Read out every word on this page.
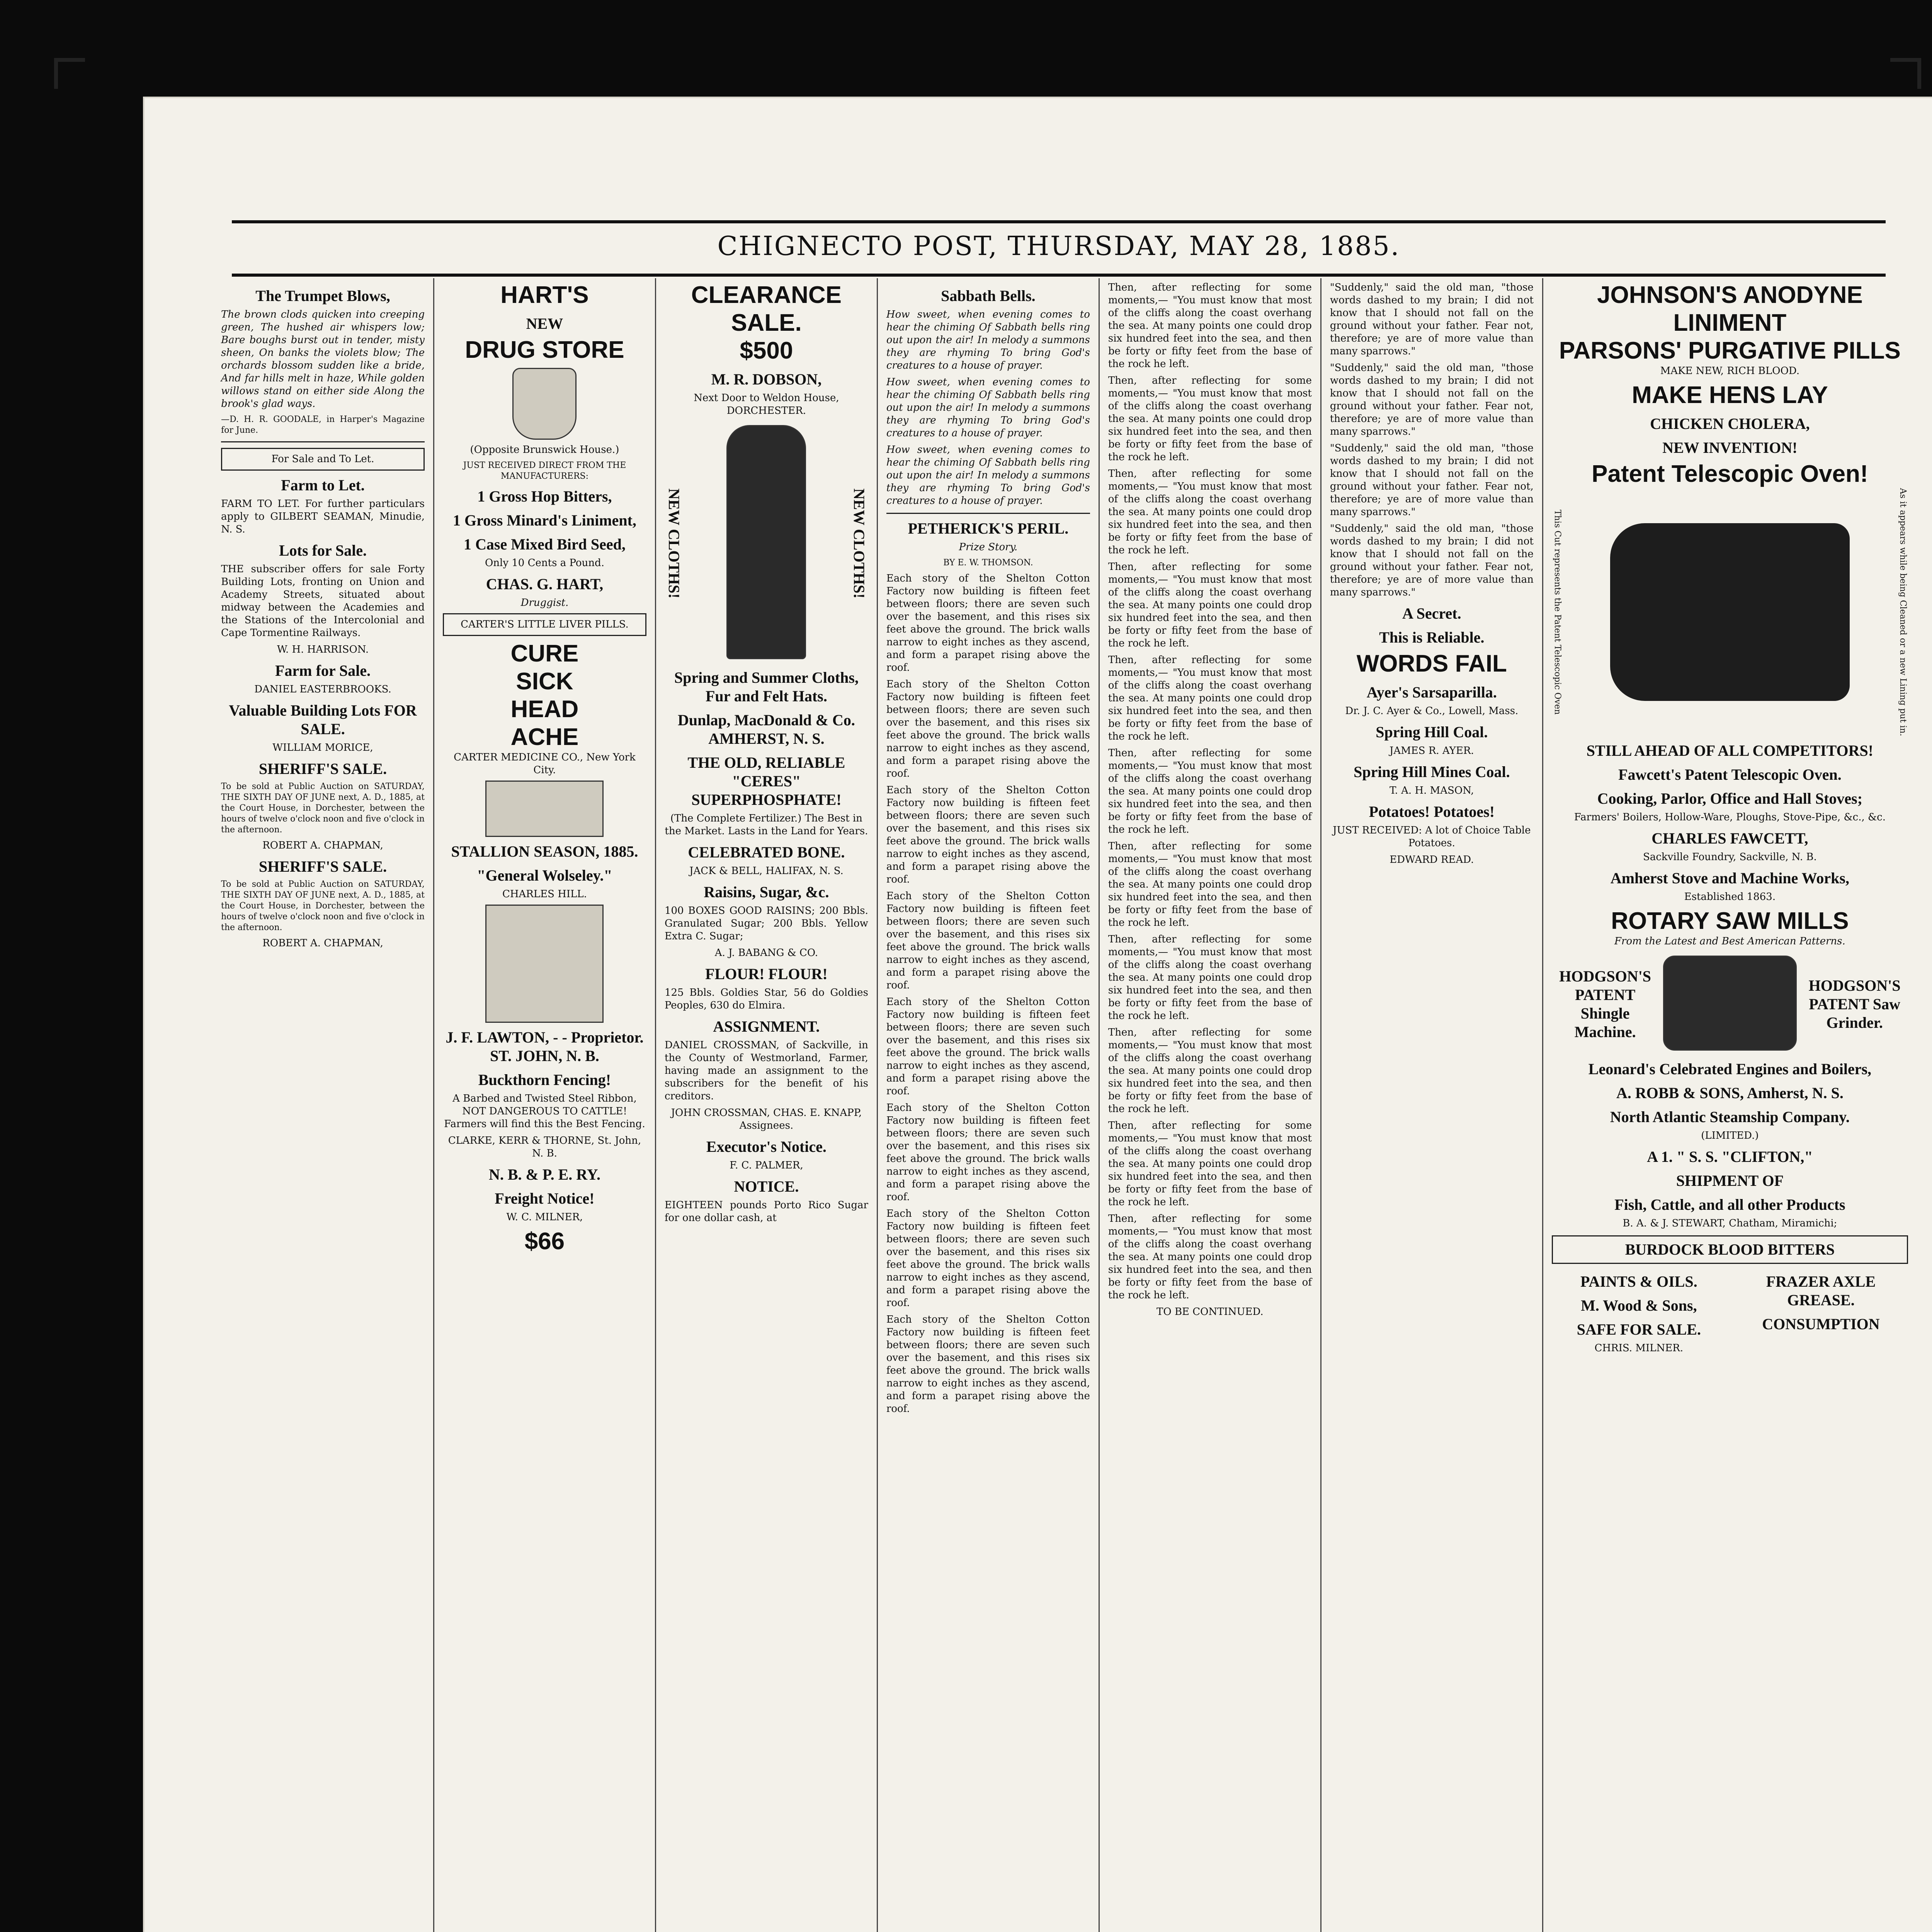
CHIGNECTO POST, THURSDAY, MAY 28, 1885.
The Trumpet Blows,

The brown clods quicken into creeping green, The hushed air whispers low; Bare boughs burst out in tender, misty sheen, On banks the violets blow; The orchards blossom sudden like a bride, And far hills melt in haze, While golden willows stand on either side Along the brook's glad ways.

—D. H. R. GOODALE, in Harper's Magazine for June.

For Sale and To Let.
Farm to Let.

FARM TO LET. For further particulars apply to GILBERT SEAMAN, Minudie, N. S.

Lots for Sale.

THE subscriber offers for sale Forty Building Lots, fronting on Union and Academy Streets, situated about midway between the Academies and the Stations of the Intercolonial and Cape Tormentine Railways.

W. H. HARRISON.

Farm for Sale.

DANIEL EASTERBROOKS.

Valuable Building Lots FOR SALE.

WILLIAM MORICE,

SHERIFF'S SALE.

To be sold at Public Auction on SATURDAY, THE SIXTH DAY OF JUNE next, A. D., 1885, at the Court House, in Dorchester, between the hours of twelve o'clock noon and five o'clock in the afternoon.

ROBERT A. CHAPMAN,

SHERIFF'S SALE.

To be sold at Public Auction on SATURDAY, THE SIXTH DAY OF JUNE next, A. D., 1885, at the Court House, in Dorchester, between the hours of twelve o'clock noon and five o'clock in the afternoon.

ROBERT A. CHAPMAN,

HART'S
NEW
DRUG STORE

(Opposite Brunswick House.)

JUST RECEIVED DIRECT FROM THE MANUFACTURERS:

1 Gross Hop Bitters,
1 Gross Minard's Liniment,
1 Case Mixed Bird Seed,

Only 10 Cents a Pound.

CHAS. G. HART,

Druggist.

CARTER'S LITTLE LIVER PILLS.
CURE
SICK
HEAD
ACHE

CARTER MEDICINE CO., New York City.

STALLION SEASON, 1885.
"General Wolseley."

CHARLES HILL.

J. F. LAWTON, - - Proprietor. ST. JOHN, N. B.
Buckthorn Fencing!

A Barbed and Twisted Steel Ribbon, NOT DANGEROUS TO CATTLE! Farmers will find this the Best Fencing.

CLARKE, KERR & THORNE, St. John, N. B.

N. B. & P. E. RY.
Freight Notice!

W. C. MILNER,

$66
CLEARANCE SALE.
$500
M. R. DOBSON,

Next Door to Weldon House, DORCHESTER.

NEW CLOTHS!	NEW CLOTHS!
Spring and Summer Cloths, Fur and Felt Hats.
Dunlap, MacDonald & Co. AMHERST, N. S.
THE OLD, RELIABLE "CERES" SUPERPHOSPHATE!

(The Complete Fertilizer.) The Best in the Market. Lasts in the Land for Years.

CELEBRATED BONE.

JACK & BELL, HALIFAX, N. S.

Raisins, Sugar, &c.

100 BOXES GOOD RAISINS; 200 Bbls. Granulated Sugar; 200 Bbls. Yellow Extra C. Sugar;

A. J. BABANG & CO.

FLOUR! FLOUR!

125 Bbls. Goldies Star, 56 do Goldies Peoples, 630 do Elmira.

ASSIGNMENT.

DANIEL CROSSMAN, of Sackville, in the County of Westmorland, Farmer, having made an assignment to the subscribers for the benefit of his creditors.

JOHN CROSSMAN, CHAS. E. KNAPP, Assignees.

Executor's Notice.

F. C. PALMER,

NOTICE.

EIGHTEEN pounds Porto Rico Sugar for one dollar cash, at

Sabbath Bells.

How sweet, when evening comes to hear the chiming Of Sabbath bells ring out upon the air! In melody a summons they are rhyming To bring God's creatures to a house of prayer.

How sweet, when evening comes to hear the chiming Of Sabbath bells ring out upon the air! In melody a summons they are rhyming To bring God's creatures to a house of prayer.

How sweet, when evening comes to hear the chiming Of Sabbath bells ring out upon the air! In melody a summons they are rhyming To bring God's creatures to a house of prayer.

PETHERICK'S PERIL.

Prize Story.

BY E. W. THOMSON.

Each story of the Shelton Cotton Factory now building is fifteen feet between floors; there are seven such over the basement, and this rises six feet above the ground. The brick walls narrow to eight inches as they ascend, and form a parapet rising above the roof.

Each story of the Shelton Cotton Factory now building is fifteen feet between floors; there are seven such over the basement, and this rises six feet above the ground. The brick walls narrow to eight inches as they ascend, and form a parapet rising above the roof.

Each story of the Shelton Cotton Factory now building is fifteen feet between floors; there are seven such over the basement, and this rises six feet above the ground. The brick walls narrow to eight inches as they ascend, and form a parapet rising above the roof.

Each story of the Shelton Cotton Factory now building is fifteen feet between floors; there are seven such over the basement, and this rises six feet above the ground. The brick walls narrow to eight inches as they ascend, and form a parapet rising above the roof.

Each story of the Shelton Cotton Factory now building is fifteen feet between floors; there are seven such over the basement, and this rises six feet above the ground. The brick walls narrow to eight inches as they ascend, and form a parapet rising above the roof.

Each story of the Shelton Cotton Factory now building is fifteen feet between floors; there are seven such over the basement, and this rises six feet above the ground. The brick walls narrow to eight inches as they ascend, and form a parapet rising above the roof.

Each story of the Shelton Cotton Factory now building is fifteen feet between floors; there are seven such over the basement, and this rises six feet above the ground. The brick walls narrow to eight inches as they ascend, and form a parapet rising above the roof.

Each story of the Shelton Cotton Factory now building is fifteen feet between floors; there are seven such over the basement, and this rises six feet above the ground. The brick walls narrow to eight inches as they ascend, and form a parapet rising above the roof.

Then, after reflecting for some moments,— "You must know that most of the cliffs along the coast overhang the sea. At many points one could drop six hundred feet into the sea, and then be forty or fifty feet from the base of the rock he left.

Then, after reflecting for some moments,— "You must know that most of the cliffs along the coast overhang the sea. At many points one could drop six hundred feet into the sea, and then be forty or fifty feet from the base of the rock he left.

Then, after reflecting for some moments,— "You must know that most of the cliffs along the coast overhang the sea. At many points one could drop six hundred feet into the sea, and then be forty or fifty feet from the base of the rock he left.

Then, after reflecting for some moments,— "You must know that most of the cliffs along the coast overhang the sea. At many points one could drop six hundred feet into the sea, and then be forty or fifty feet from the base of the rock he left.

Then, after reflecting for some moments,— "You must know that most of the cliffs along the coast overhang the sea. At many points one could drop six hundred feet into the sea, and then be forty or fifty feet from the base of the rock he left.

Then, after reflecting for some moments,— "You must know that most of the cliffs along the coast overhang the sea. At many points one could drop six hundred feet into the sea, and then be forty or fifty feet from the base of the rock he left.

Then, after reflecting for some moments,— "You must know that most of the cliffs along the coast overhang the sea. At many points one could drop six hundred feet into the sea, and then be forty or fifty feet from the base of the rock he left.

Then, after reflecting for some moments,— "You must know that most of the cliffs along the coast overhang the sea. At many points one could drop six hundred feet into the sea, and then be forty or fifty feet from the base of the rock he left.

Then, after reflecting for some moments,— "You must know that most of the cliffs along the coast overhang the sea. At many points one could drop six hundred feet into the sea, and then be forty or fifty feet from the base of the rock he left.

Then, after reflecting for some moments,— "You must know that most of the cliffs along the coast overhang the sea. At many points one could drop six hundred feet into the sea, and then be forty or fifty feet from the base of the rock he left.

Then, after reflecting for some moments,— "You must know that most of the cliffs along the coast overhang the sea. At many points one could drop six hundred feet into the sea, and then be forty or fifty feet from the base of the rock he left.

TO BE CONTINUED.

"Suddenly," said the old man, "those words dashed to my brain; I did not know that I should not fall on the ground without your father. Fear not, therefore; ye are of more value than many sparrows."

"Suddenly," said the old man, "those words dashed to my brain; I did not know that I should not fall on the ground without your father. Fear not, therefore; ye are of more value than many sparrows."

"Suddenly," said the old man, "those words dashed to my brain; I did not know that I should not fall on the ground without your father. Fear not, therefore; ye are of more value than many sparrows."

"Suddenly," said the old man, "those words dashed to my brain; I did not know that I should not fall on the ground without your father. Fear not, therefore; ye are of more value than many sparrows."

A Secret.
This is Reliable.
WORDS FAIL
Ayer's Sarsaparilla.

Dr. J. C. Ayer & Co., Lowell, Mass.

Spring Hill Coal.

JAMES R. AYER.

Spring Hill Mines Coal.

T. A. H. MASON,

Potatoes! Potatoes!

JUST RECEIVED: A lot of Choice Table Potatoes.

EDWARD READ.

JOHNSON'S ANODYNE LINIMENT
PARSONS' PURGATIVE PILLS

MAKE NEW, RICH BLOOD.

MAKE HENS LAY
CHICKEN CHOLERA,
NEW INVENTION!
Patent Telescopic Oven!
This Cut represents the Patent Telescopic Oven	As it appears while being Cleaned or a new Lining put in.
STILL AHEAD OF ALL COMPETITORS!
Fawcett's Patent Telescopic Oven.
Cooking, Parlor, Office and Hall Stoves;

Farmers' Boilers, Hollow-Ware, Ploughs, Stove-Pipe, &c., &c.

CHARLES FAWCETT,

Sackville Foundry, Sackville, N. B.

Amherst Stove and Machine Works,

Established 1863.

ROTARY SAW MILLS

From the Latest and Best American Patterns.

HODGSON'S PATENT Shingle Machine.
HODGSON'S PATENT Saw Grinder.
Leonard's Celebrated Engines and Boilers,
A. ROBB & SONS, Amherst, N. S.
North Atlantic Steamship Company.

(LIMITED.)

A 1. " S. S. "CLIFTON,"
SHIPMENT OF
Fish, Cattle, and all other Products

B. A. & J. STEWART, Chatham, Miramichi;

BURDOCK BLOOD BITTERS
PAINTS & OILS.
M. Wood & Sons,
SAFE FOR SALE.

CHRIS. MILNER.

FRAZER AXLE GREASE.
CONSUMPTION
